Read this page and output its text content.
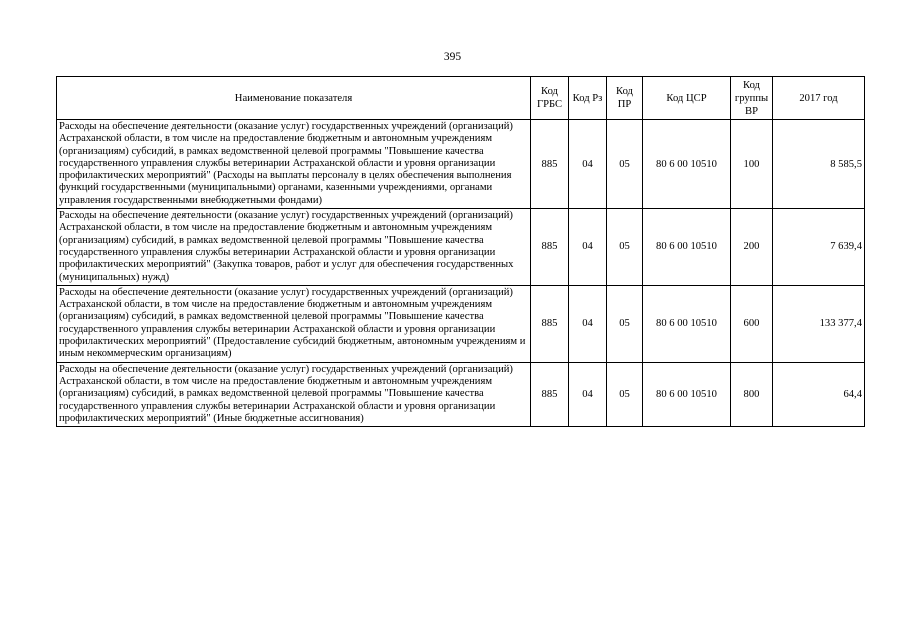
395
Наименование показателя	Код ГРБС	Код Рз	Код ПР	Код ЦСР	Код группы ВР	2017 год
Расходы на обеспечение деятельности (оказание услуг) государственных учреждений (организаций) Астраханской области, в том числе на предоставление бюджетным и автономным учреждениям (организациям) субсидий, в рамках ведомственной целевой программы "Повышение качества государственного управления службы ветеринарии Астраханской области и уровня организации профилактических мероприятий" (Расходы на выплаты персоналу в целях обеспечения выполнения функций государственными (муниципальными) органами, казенными учреждениями, органами управления государственными внебюджетными фондами)	885	04	05	80 6 00 10510	100	8 585,5
Расходы на обеспечение деятельности (оказание услуг) государственных учреждений (организаций) Астраханской области, в том числе на предоставление бюджетным и автономным учреждениям (организациям) субсидий, в рамках ведомственной целевой программы "Повышение качества государственного управления службы ветеринарии Астраханской области и уровня организации профилактических мероприятий" (Закупка товаров, работ и услуг для обеспечения государственных (муниципальных) нужд)	885	04	05	80 6 00 10510	200	7 639,4
Расходы на обеспечение деятельности (оказание услуг) государственных учреждений (организаций) Астраханской области, в том числе на предоставление бюджетным и автономным учреждениям (организациям) субсидий, в рамках ведомственной целевой программы "Повышение качества государственного управления службы ветеринарии Астраханской области и уровня организации профилактических мероприятий" (Предоставление субсидий бюджетным, автономным учреждениям и иным некоммерческим организациям)	885	04	05	80 6 00 10510	600	133 377,4
Расходы на обеспечение деятельности (оказание услуг) государственных учреждений (организаций) Астраханской области, в том числе на предоставление бюджетным и автономным учреждениям (организациям) субсидий, в рамках ведомственной целевой программы "Повышение качества государственного управления службы ветеринарии Астраханской области и уровня организации профилактических мероприятий" (Иные бюджетные ассигнования)	885	04	05	80 6 00 10510	800	64,4
